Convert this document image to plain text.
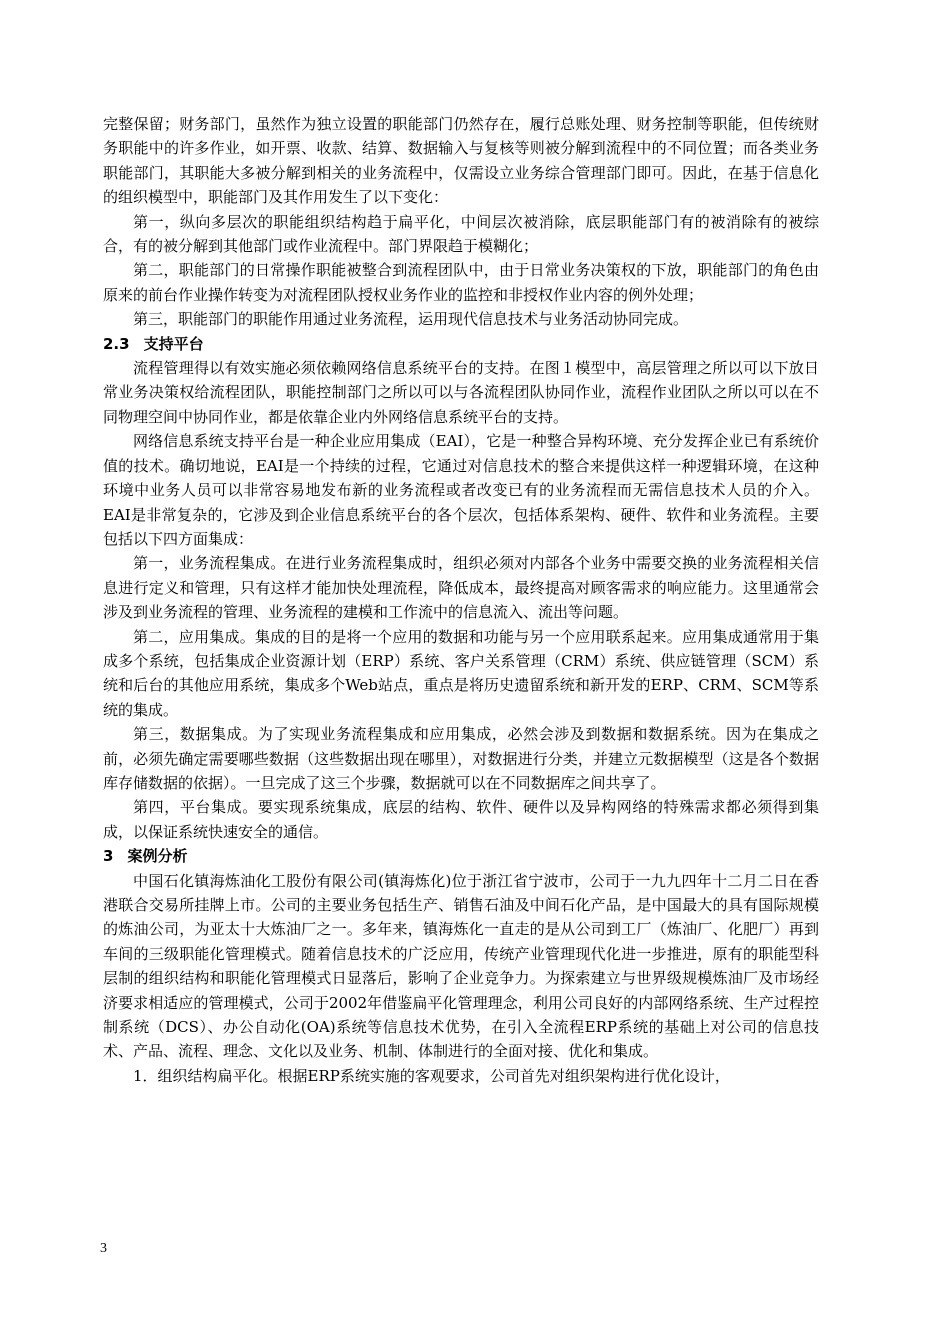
完整保留；财务部门，虽然作为独立设置的职能部门仍然存在，履行总账处理、财务控制等职能，但传统财务职能中的许多作业，如开票、收款、结算、数据输入与复核等则被分解到流程中的不同位置；而各类业务职能部门，其职能大多被分解到相关的业务流程中，仅需设立业务综合管理部门即可。因此，在基于信息化的组织模型中，职能部门及其作用发生了以下变化：

第一，纵向多层次的职能组织结构趋于扁平化，中间层次被消除，底层职能部门有的被消除有的被综合，有的被分解到其他部门或作业流程中。部门界限趋于模糊化；

第二，职能部门的日常操作职能被整合到流程团队中，由于日常业务决策权的下放，职能部门的角色由原来的前台作业操作转变为对流程团队授权业务作业的监控和非授权作业内容的例外处理；

第三，职能部门的职能作用通过业务流程，运用现代信息技术与业务活动协同完成。

2.3 支持平台

流程管理得以有效实施必须依赖网络信息系统平台的支持。在图１模型中，高层管理之所以可以下放日常业务决策权给流程团队，职能控制部门之所以可以与各流程团队协同作业，流程作业团队之所以可以在不同物理空间中协同作业，都是依靠企业内外网络信息系统平台的支持。

网络信息系统支持平台是一种企业应用集成（EAI），它是一种整合异构环境、充分发挥企业已有系统价值的技术。确切地说，EAI是一个持续的过程，它通过对信息技术的整合来提供这样一种逻辑环境，在这种环境中业务人员可以非常容易地发布新的业务流程或者改变已有的业务流程而无需信息技术人员的介入。EAI是非常复杂的，它涉及到企业信息系统平台的各个层次，包括体系架构、硬件、软件和业务流程。主要包括以下四方面集成：

第一，业务流程集成。在进行业务流程集成时，组织必须对内部各个业务中需要交换的业务流程相关信息进行定义和管理，只有这样才能加快处理流程，降低成本，最终提高对顾客需求的响应能力。这里通常会涉及到业务流程的管理、业务流程的建模和工作流中的信息流入、流出等问题。

第二，应用集成。集成的目的是将一个应用的数据和功能与另一个应用联系起来。应用集成通常用于集成多个系统，包括集成企业资源计划（ERP）系统、客户关系管理（CRM）系统、供应链管理（SCM）系统和后台的其他应用系统，集成多个Web站点，重点是将历史遗留系统和新开发的ERP、CRM、SCM等系统的集成。

第三，数据集成。为了实现业务流程集成和应用集成，必然会涉及到数据和数据系统。因为在集成之前，必须先确定需要哪些数据（这些数据出现在哪里），对数据进行分类，并建立元数据模型（这是各个数据库存储数据的依据）。一旦完成了这三个步骤，数据就可以在不同数据库之间共享了。

第四，平台集成。要实现系统集成，底层的结构、软件、硬件以及异构网络的特殊需求都必须得到集成，以保证系统快速安全的通信。

3 案例分析

中国石化镇海炼油化工股份有限公司(镇海炼化)位于浙江省宁波市，公司于一九九四年十二月二日在香港联合交易所挂牌上市。公司的主要业务包括生产、销售石油及中间石化产品，是中国最大的具有国际规模的炼油公司，为亚太十大炼油厂之一。多年来，镇海炼化一直走的是从公司到工厂（炼油厂、化肥厂）再到车间的三级职能化管理模式。随着信息技术的广泛应用，传统产业管理现代化进一步推进，原有的职能型科层制的组织结构和职能化管理模式日显落后，影响了企业竞争力。为探索建立与世界级规模炼油厂及市场经济要求相适应的管理模式，公司于2002年借鉴扁平化管理理念，利用公司良好的内部网络系统、生产过程控制系统（DCS）、办公自动化(OA)系统等信息技术优势，在引入全流程ERP系统的基础上对公司的信息技术、产品、流程、理念、文化以及业务、机制、体制进行的全面对接、优化和集成。

1．组织结构扁平化。根据ERP系统实施的客观要求，公司首先对组织架构进行优化设计，

3
